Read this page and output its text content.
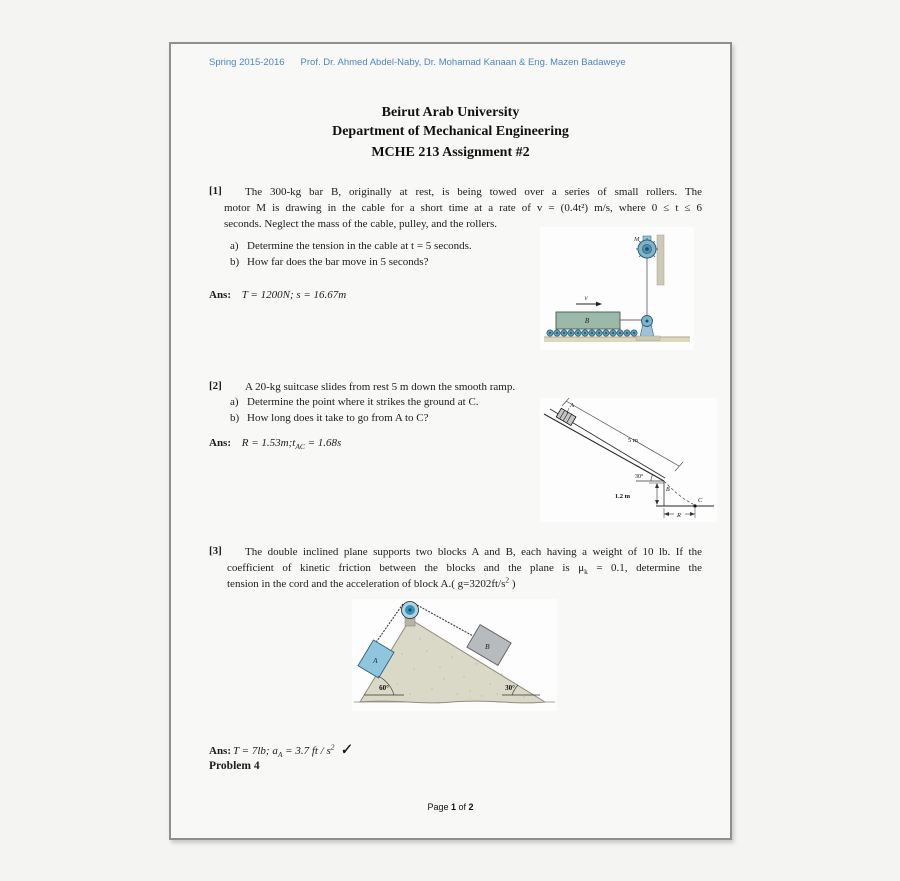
Spring 2015-2016 Prof. Dr. Ahmed Abdel-Naby, Dr. Mohamad Kanaan & Eng. Mazen Badaweye
Beirut Arab University
Department of Mechanical Engineering
MCHE 213 Assignment #2
[1] The 300-kg bar B, originally at rest, is being towed over a series of small rollers. The
motor M is drawing in the cable for a short time at a rate of v = (0.4t²) m/s, where 0 ≤ t ≤ 6
seconds. Neglect the mass of the cable, pulley, and the rollers.
a) Determine the tension in the cable at t = 5 seconds.
b) How far does the bar move in 5 seconds?
Ans: T = 1200N; s = 16.67m
B
v
M
[2] A 20-kg suitcase slides from rest 5 m down the smooth ramp.
a) Determine the point where it strikes the ground at C.
b) How long does it take to go from A to C?
Ans: $R = 1.53m;t_{AC} = 1.68s$	5 m
A
30°
B
1.2 m
C
R
[3] The double inclined plane supports two blocks A and B, each having a weight of 10 lb. If the
coefficient of kinetic friction between the blocks and the plane is $\mu_k = 0.1$, determine the
tension in the cord and the acceleration of block A.( $g=3202ft/s^2$ )
A
B
60°	30°
Ans: T = 7lb; $a_A = 3.7$ ft / $s^2$ ✓
Problem 4
Page 1 of 2
